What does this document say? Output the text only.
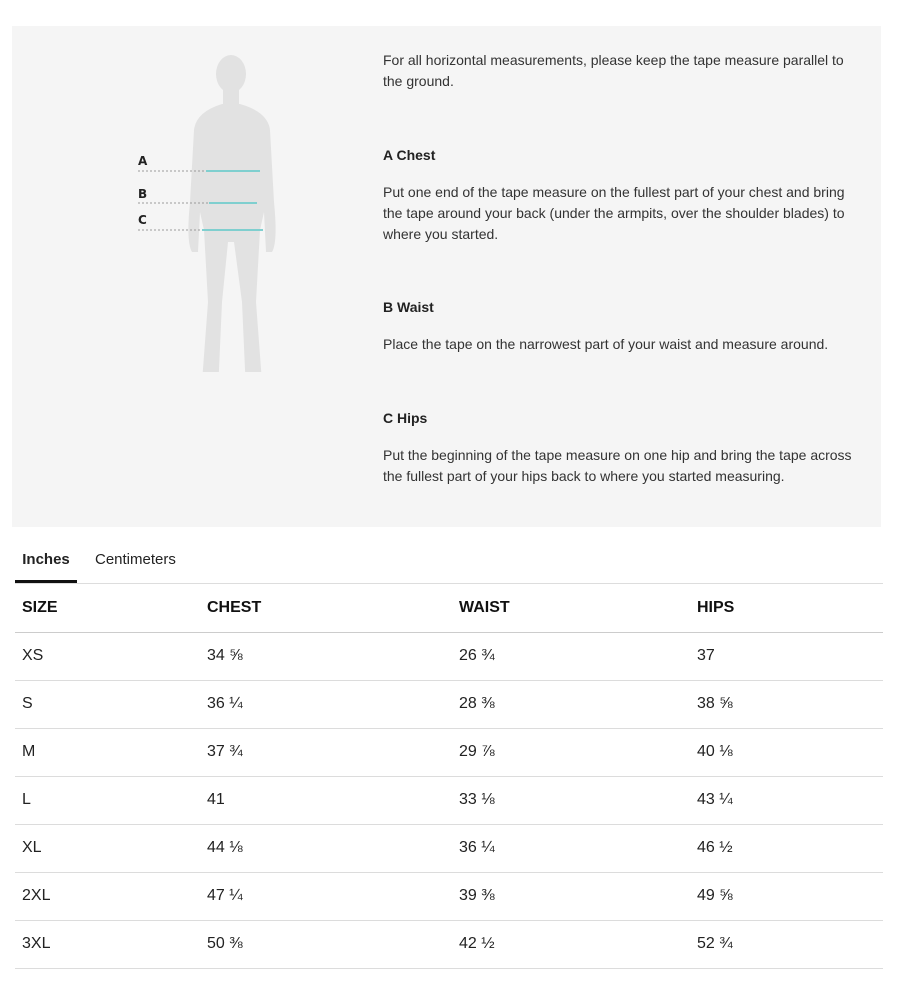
A
B
C

For all horizontal measurements, please keep the tape measure parallel to the ground.

A Chest

Put one end of the tape measure on the fullest part of your chest and bring the tape around your back (under the armpits, over the shoulder blades) to where you started.

B Waist

Place the tape on the narrowest part of your waist and measure around.

C Hips

Put the beginning of the tape measure on one hip and bring the tape across the fullest part of your hips back to where you started measuring.

Inches	Centimeters
SIZE	CHEST	WAIST	HIPS
XS	34 ⅝	26 ¾	37
S	36 ¼	28 ⅜	38 ⅝
M	37 ¾	29 ⅞	40 ⅛
L	41	33 ⅛	43 ¼
XL	44 ⅛	36 ¼	46 ½
2XL	47 ¼	39 ⅜	49 ⅝
3XL	50 ⅜	42 ½	52 ¾
